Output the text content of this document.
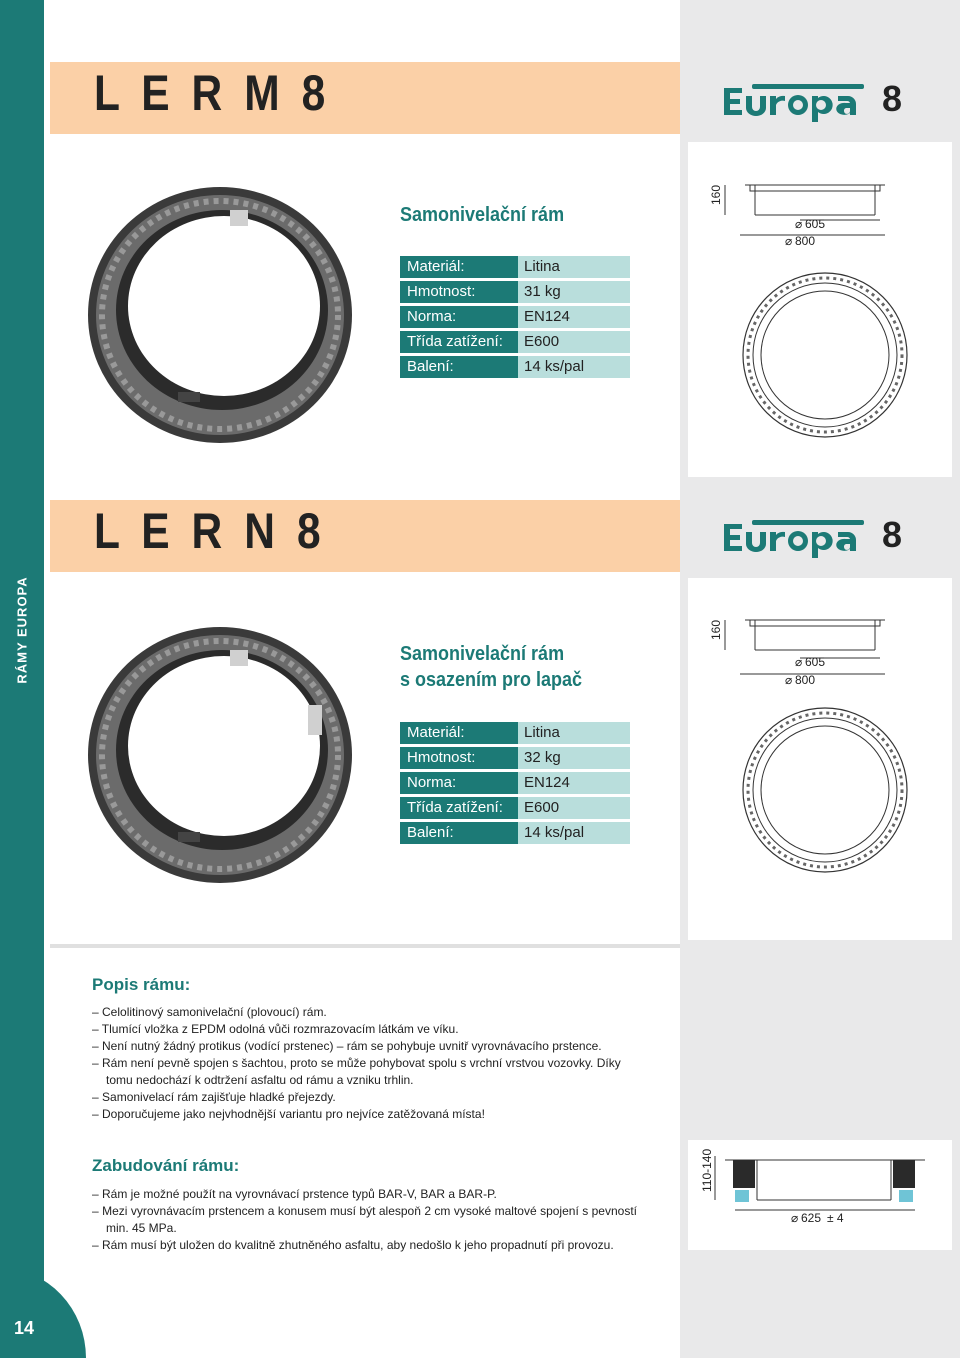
RÁMY EUROPA
L E R M 8	8
Samonivelační rám
Materiál:	Litina
Hmotnost:	31 kg
Norma:	EN124
Třída zatížení:	E600
Balení:	14 ks/pal
160
⌀ 605
⌀ 800
L E R N 8	8
Samonivelační rám
s osazením pro lapač
Materiál:	Litina
Hmotnost:	32 kg
Norma:	EN124
Třída zatížení:	E600
Balení:	14 ks/pal
160
⌀ 605
⌀ 800
Popis rámu:
– Celolitinový samonivelační (plovoucí) rám.
– Tlumící vložka z EPDM odolná vůči rozmrazovacím látkám ve víku.
– Není nutný žádný protikus (vodící prstenec) – rám se pohybuje uvnitř vyrovnávacího prstence.
– Rám není pevně spojen s šachtou, proto se může pohybovat spolu s vrchní vrstvou vozovky. Díky tomu nedochází k odtržení asfaltu od rámu a vzniku trhlin.
– Samonivelací rám zajišťuje hladké přejezdy.
– Doporučujeme jako nejvhodnější variantu pro nejvíce zatěžovaná místa!
Zabudování rámu:
– Rám je možné použít na vyrovnávací prstence typů BAR-V, BAR a BAR-P.
– Mezi vyrovnávacím prstencem a konusem musí být alespoň 2 cm vysoké maltové spojení s pevností min. 45 MPa.
– Rám musí být uložen do kvalitně zhutněného asfaltu, aby nedošlo k jeho propadnutí při provozu.
110-140
⌀ 625 ± 4
14
